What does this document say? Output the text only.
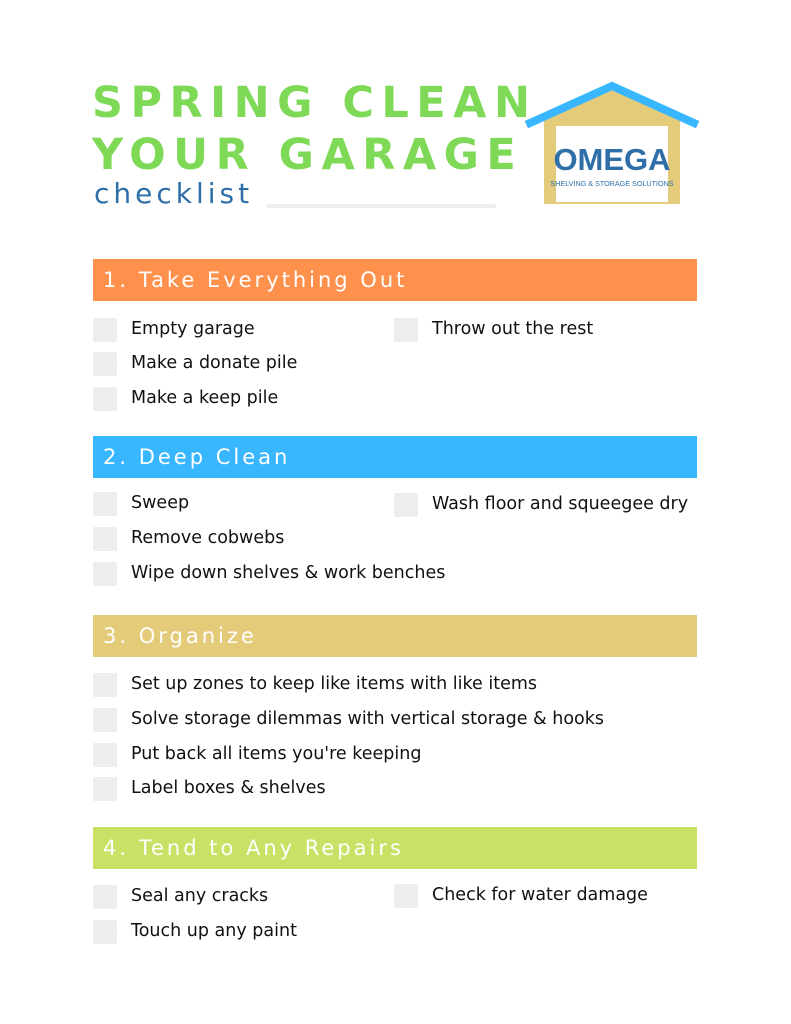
SPRING CLEAN
YOUR GARAGE
checklist
OMEGA
SHELVING & STORAGE SOLUTIONS
1. Take Everything Out
Empty garage
Make a donate pile
Make a keep pile
Throw out the rest
2. Deep Clean
Sweep
Remove cobwebs
Wipe down shelves & work benches
Wash floor and squeegee dry
3. Organize
Set up zones to keep like items with like items
Solve storage dilemmas with vertical storage & hooks
Put back all items you're keeping
Label boxes & shelves
4. Tend to Any Repairs
Seal any cracks
Touch up any paint
Check for water damage
